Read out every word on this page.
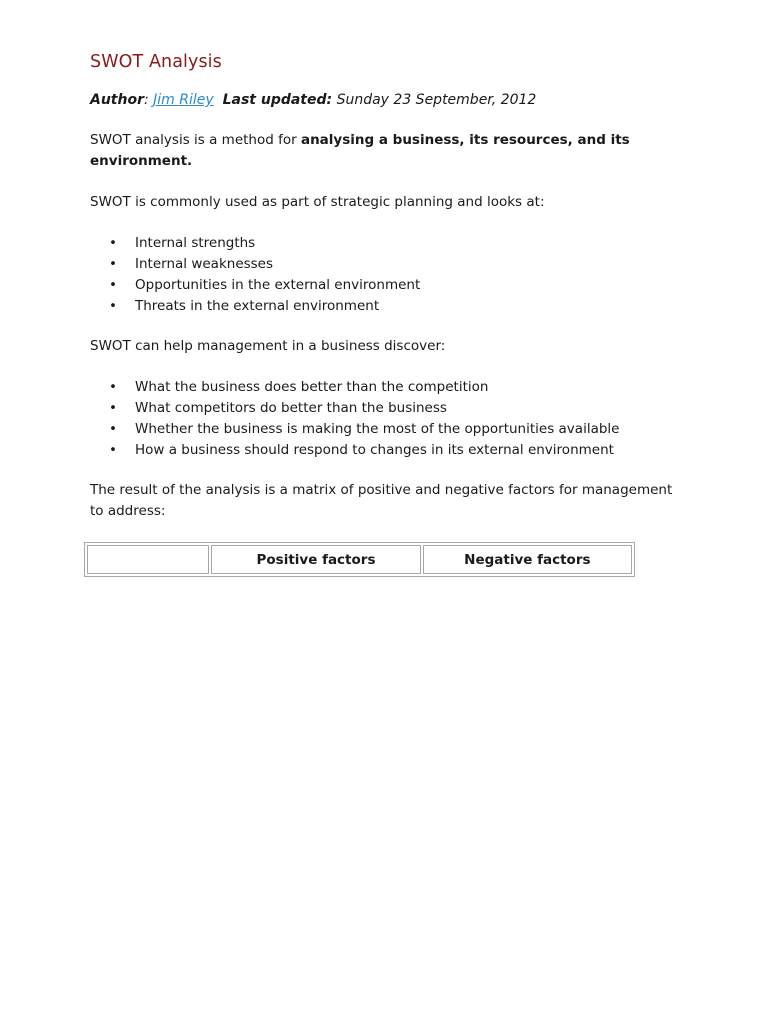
SWOT Analysis
Author: Jim Riley Last updated: Sunday 23 September, 2012

SWOT analysis is a method for analysing a business, its resources, and its environment.

SWOT is commonly used as part of strategic planning and looks at:

• Internal strengths
• Internal weaknesses
• Opportunities in the external environment
• Threats in the external environment

SWOT can help management in a business discover:

• What the business does better than the competition
• What competitors do better than the business
• Whether the business is making the most of the opportunities available
• How a business should respond to changes in its external environment

The result of the analysis is a matrix of positive and negative factors for management to address:

	Positive factors	Negative factors
